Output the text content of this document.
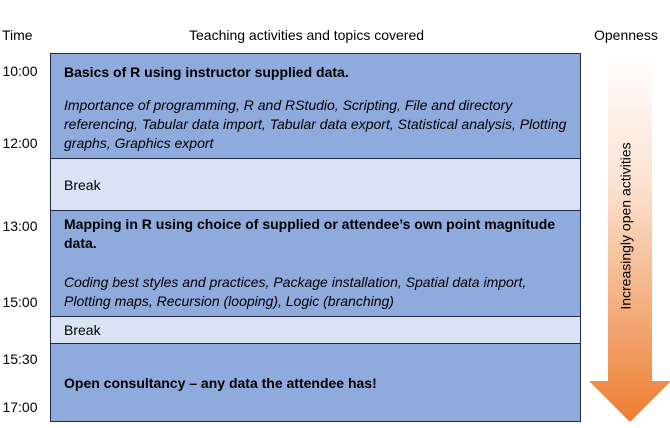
Time	Teaching activities and topics covered	Openness
10:00
12:00
13:00
15:00
15:30
17:00
Basics of R using instructor supplied data.
Importance of programming, R and RStudio, Scripting, File and directory referencing, Tabular data import, Tabular data export, Statistical analysis, Plotting graphs, Graphics export
Break
Mapping in R using choice of supplied or attendee’s own point magnitude data.
Coding best styles and practices, Package installation, Spatial data import, Plotting maps, Recursion (looping), Logic (branching)
Break
Open consultancy – any data the attendee has!
Increasingly open activities
